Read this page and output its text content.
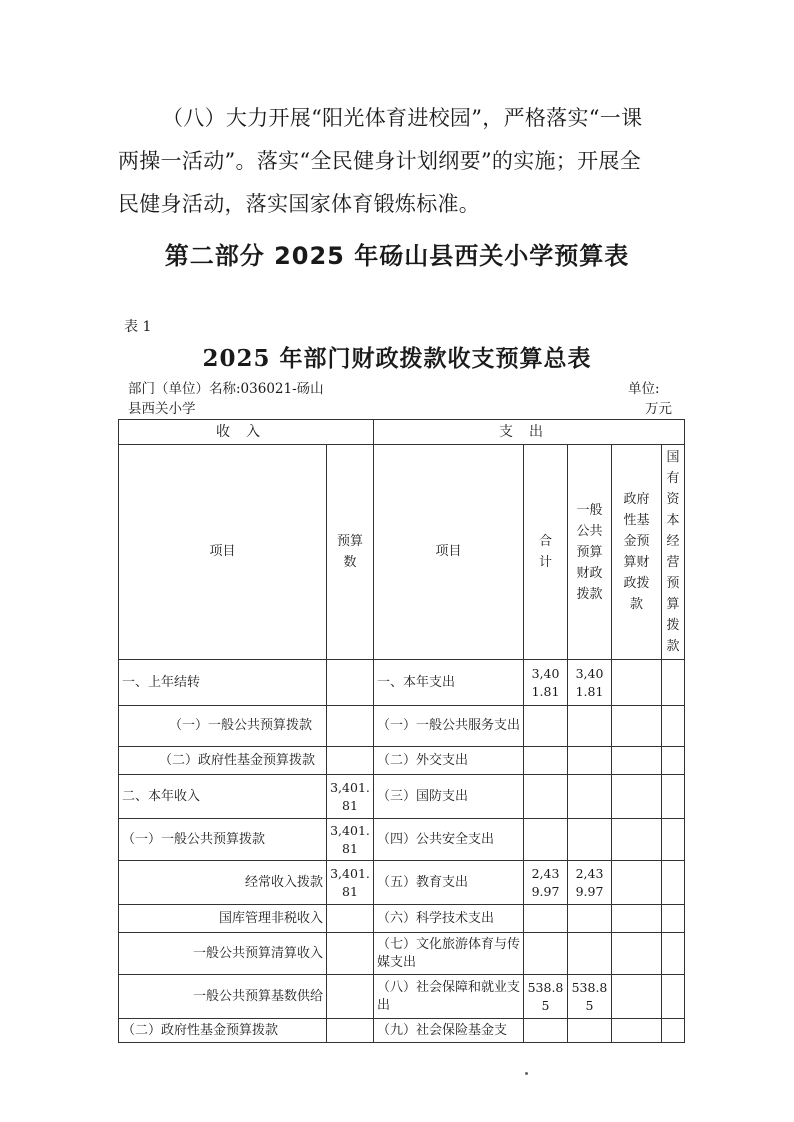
（八）大力开展“阳光体育进校园”，严格落实“一课
两操一活动”。落实“全民健身计划纲要”的实施；开展全
民健身活动，落实国家体育锻炼标准。

第二部分 2025 年砀山县西关小学预算表
表 1
2025 年部门财政拨款收支预算总表
部门（单位）名称:036021-砀山
县西关小学
单位:
万元
收入		支出				
项目	预算数	项目	合计	一般公共预算财政拨款	政府性基金预算财政拨款	国有资本经营预算拨款

一、上年结转		一、本年支出	3,401.81	3,401.81		
（一）一般公共预算拨款		（一）一般公共服务支出				
（二）政府性基金预算拨款		（二）外交支出				
二、本年收入	3,401.81	（三）国防支出				
（一）一般公共预算拨款	3,401.81	（四）公共安全支出				
经常收入拨款	3,401.81	（五）教育支出	2,439.97	2,439.97		
国库管理非税收入		（六）科学技术支出				
一般公共预算清算收入		（七）文化旅游体育与传媒支出				
一般公共预算基数供给		（八）社会保障和就业支出	538.85	538.85		
（二）政府性基金预算拨款		（九）社会保险基金支				
